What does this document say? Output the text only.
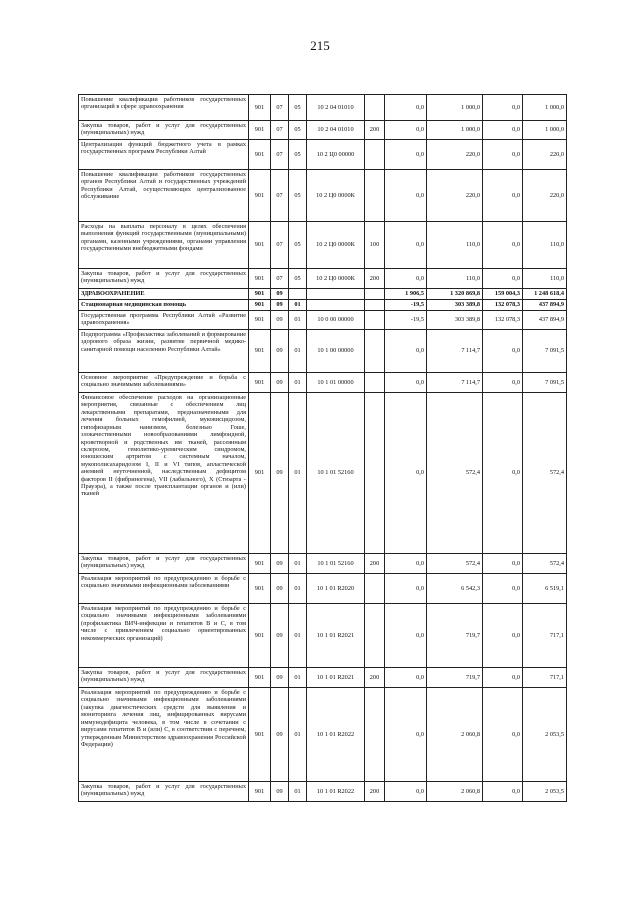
215
Повышение квалификации работников государственных организаций в сфере здравоохранения	901	07	05	10 2 04 01010		0,0	1 000,0	0,0	1 000,0
Закупка товаров, работ и услуг для государственных (муниципальных) нужд	901	07	05	10 2 04 01010	200	0,0	1 000,0	0,0	1 000,0
Централизация функций бюджетного учета в рамках государственных программ Республики Алтай	901	07	05	10 2 Ц0 00000		0,0	220,0	0,0	220,0
Повышение квалификации работников государственных органов Республики Алтай и государственных учреждений Республики Алтай, осуществляющих централизованное обслуживание	901	07	05	10 2 Ц0 0000К		0,0	220,0	0,0	220,0
Расходы на выплаты персоналу в целях обеспечения выполнения функций государственными (муниципальными) органами, казенными учреждениями, органами управления государственными внебюджетными фондами	901	07	05	10 2 Ц0 0000К	100	0,0	110,0	0,0	110,0
Закупка товаров, работ и услуг для государственных (муниципальных) нужд	901	07	05	10 2 Ц0 0000К	200	0,0	110,0	0,0	110,0
ЗДРАВООХРАНЕНИЕ	901	09				1 906,5	1 320 869,8	159 004,3	1 248 618,4
Стационарная медицинская помощь	901	09	01			-19,5	303 389,8	132 078,3	437 894,9
Государственная программа Республики Алтай «Развитие здравоохранения»	901	09	01	10 0 00 00000		-19,5	303 389,8	132 078,3	437 894,9
Подпрограмма «Профилактика заболеваний и формирование здорового образа жизни, развитие первичной медико-санитарной помощи населению Республики Алтай»	901	09	01	10 1 00 00000		0,0	7 114,7	0,0	7 091,5
Основное мероприятие «Предупреждение и борьба с социально значимыми заболеваниями»	901	09	01	10 1 01 00000		0,0	7 114,7	0,0	7 091,5
Финансовое обеспечение расходов на организационные мероприятия, связанные с обеспечением лиц лекарственными препаратами, предназначенными для лечения больных гемофилией, муковисцидозом, гипофизарным нанизмом, болезнью Гоше, злокачественными новообразованиями лимфоидной, кроветворной и родственных им тканей, рассеянным склерозом, гемолитико-уремическим синдромом, юношеским артритом с системным началом, мукополисахаридозом I, II и VI типов, апластической анемией неуточненной, наследственным дефицитом факторов II (фибриногена), VII (лабильного), X (Стюарта - Прауэра), а также после трансплантации органов и (или) тканей	901	09	01	10 1 01 52160		0,0	572,4	0,0	572,4
Закупка товаров, работ и услуг для государственных (муниципальных) нужд	901	09	01	10 1 01 52160	200	0,0	572,4	0,0	572,4
Реализация мероприятий по предупреждению и борьбе с социально значимыми инфекционными заболеваниями	901	09	01	10 1 01 R2020		0,0	6 542,3	0,0	6 519,1
Реализация мероприятий по предупреждению и борьбе с социально значимыми инфекционными заболеваниями (профилактика ВИЧ-инфекции и гепатитов В и С, в том числе с привлечением социально ориентированных некоммерческих организаций)	901	09	01	10 1 01 R2021		0,0	719,7	0,0	717,1
Закупка товаров, работ и услуг для государственных (муниципальных) нужд	901	09	01	10 1 01 R2021	200	0,0	719,7	0,0	717,1
Реализация мероприятий по предупреждению и борьбе с социально значимыми инфекционными заболеваниями (закупка диагностических средств для выявления и мониторинга лечения лиц, инфицированных вирусами иммунодефицита человека, в том числе в сочетании с вирусами гепатитов В и (или) С, в соответствии с перечнем, утвержденным Министерством здравоохранения Российской Федерации)	901	09	01	10 1 01 R2022		0,0	2 060,8	0,0	2 053,5
Закупка товаров, работ и услуг для государственных (муниципальных) нужд	901	09	01	10 1 01 R2022	200	0,0	2 060,8	0,0	2 053,5
